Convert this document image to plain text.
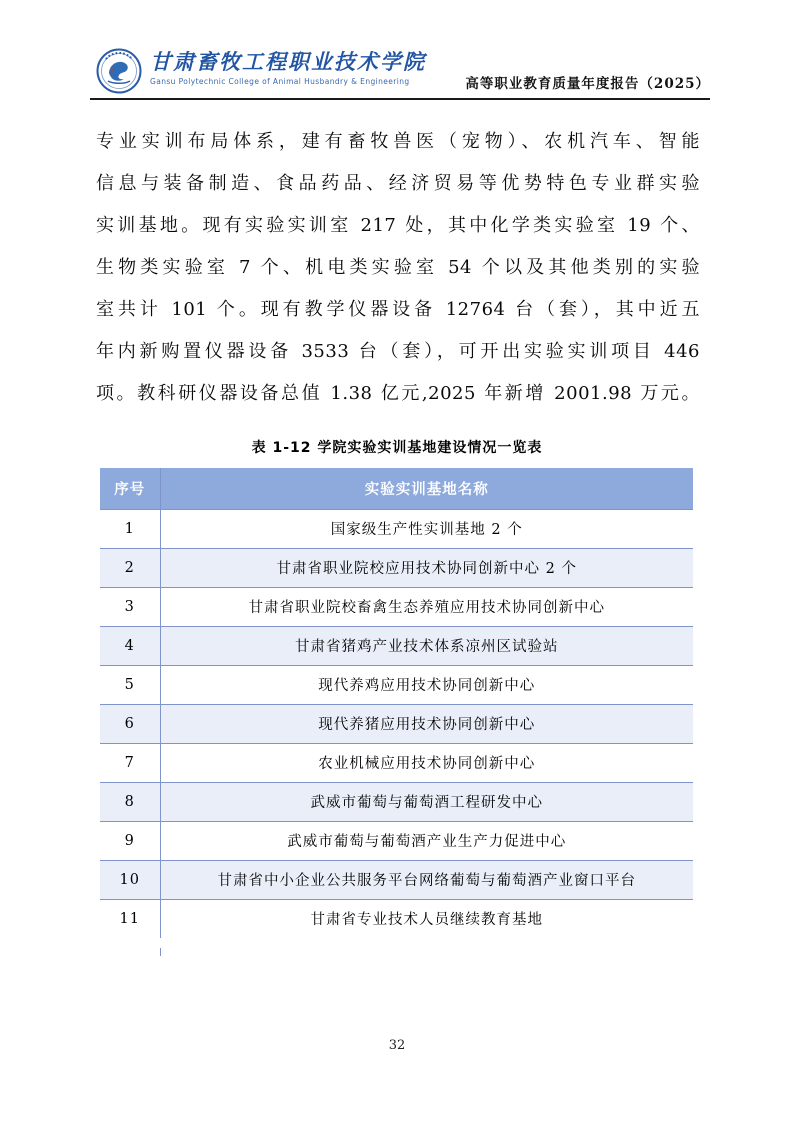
甘肃畜牧工程职业技术学院
Gansu Polytechnic College of Animal Husbandry & Engineering	高等职业教育质量年度报告（2025）
专业实训布局体系，建有畜牧兽医（宠物）、农机汽车、智能
信息与装备制造、食品药品、经济贸易等优势特色专业群实验
实训基地。现有实验实训室 217 处，其中化学类实验室 19 个、
生物类实验室 7 个、机电类实验室 54 个以及其他类别的实验
室共计 101 个。现有教学仪器设备 12764 台（套），其中近五
年内新购置仪器设备 3533 台（套），可开出实验实训项目 446
项。教科研仪器设备总值 1.38 亿元,2025 年新增 2001.98 万元。
表 1-12 学院实验实训基地建设情况一览表
序号	实验实训基地名称
1	国家级生产性实训基地 2 个
2	甘肃省职业院校应用技术协同创新中心 2 个
3	甘肃省职业院校畜禽生态养殖应用技术协同创新中心
4	甘肃省猪鸡产业技术体系凉州区试验站
5	现代养鸡应用技术协同创新中心
6	现代养猪应用技术协同创新中心
7	农业机械应用技术协同创新中心
8	武威市葡萄与葡萄酒工程研发中心
9	武威市葡萄与葡萄酒产业生产力促进中心
10	甘肃省中小企业公共服务平台网络葡萄与葡萄酒产业窗口平台
11	甘肃省专业技术人员继续教育基地
32
